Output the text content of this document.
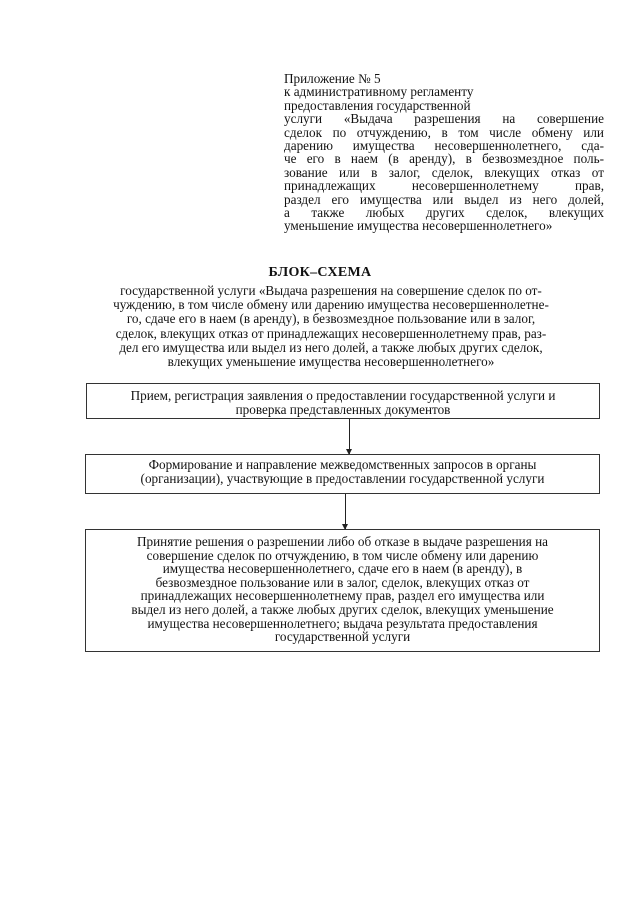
Приложение № 5
к административному регламенту
предоставления государственной
услуги «Выдача разрешения на совершение
сделок по отчуждению, в том числе обмену или
дарению имущества несовершеннолетнего, сда-
че его в наем (в аренду), в безвозмездное поль-
зование или в залог, сделок, влекущих отказ от
принадлежащих несовершеннолетнему прав,
раздел его имущества или выдел из него долей,
а также любых других сделок, влекущих
уменьшение имущества несовершеннолетнего»
БЛОК–СХЕМА
государственной услуги «Выдача разрешения на совершение сделок по от-
чуждению, в том числе обмену или дарению имущества несовершеннолетне-
го, сдаче его в наем (в аренду), в безвозмездное пользование или в залог,
сделок, влекущих отказ от принадлежащих несовершеннолетнему прав, раз-
дел его имущества или выдел из него долей, а также любых других сделок,
влекущих уменьшение имущества несовершеннолетнего»
Прием, регистрация заявления о предоставлении государственной услуги и
проверка представленных документов
Формирование и направление межведомственных запросов в органы
(организации), участвующие в предоставлении государственной услуги
Принятие решения о разрешении либо об отказе в выдаче разрешения на
совершение сделок по отчуждению, в том числе обмену или дарению
имущества несовершеннолетнего, сдаче его в наем (в аренду), в
безвозмездное пользование или в залог, сделок, влекущих отказ от
принадлежащих несовершеннолетнему прав, раздел его имущества или
выдел из него долей, а также любых других сделок, влекущих уменьшение
имущества несовершеннолетнего; выдача результата предоставления
государственной услуги
